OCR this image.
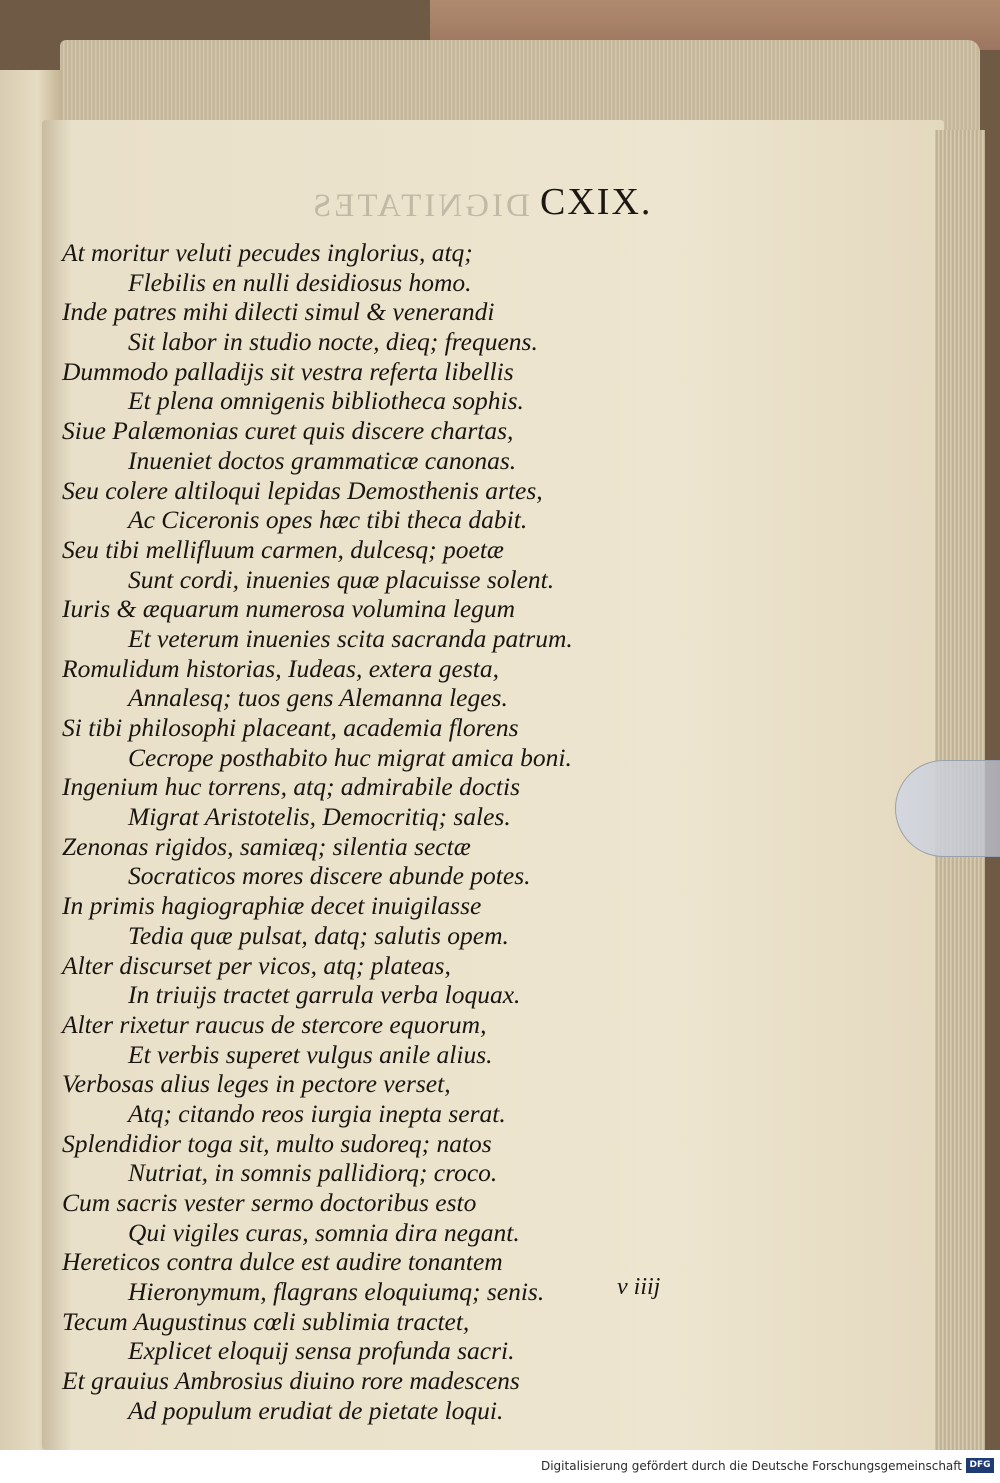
DIGNITATES CXIX.
At moritur veluti pecudes inglorius, atq;
Flebilis en nulli desidiosus homo.
Inde patres mihi dilecti simul & venerandi
Sit labor in studio nocte, dieq; frequens.
Dummodo palladijs sit vestra referta libellis
Et plena omnigenis bibliotheca sophis.
Siue Palæmonias curet quis discere chartas,
Inueniet doctos grammaticæ canonas.
Seu colere altiloqui lepidas Demosthenis artes,
Ac Ciceronis opes hæc tibi theca dabit.
Seu tibi mellifluum carmen, dulcesq; poetæ
Sunt cordi, inuenies quæ placuisse solent.
Iuris & æquarum numerosa volumina legum
Et veterum inuenies scita sacranda patrum.
Romulidum historias, Iudeas, extera gesta,
Annalesq; tuos gens Alemanna leges.
Si tibi philosophi placeant, academia florens
Cecrope posthabito huc migrat amica boni.
Ingenium huc torrens, atq; admirabile doctis
Migrat Aristotelis, Democritiq; sales.
Zenonas rigidos, samiæq; silentia sectæ
Socraticos mores discere abunde potes.
In primis hagiographiæ decet inuigilasse
Tedia quæ pulsat, datq; salutis opem.
Alter discurset per vicos, atq; plateas,
In triuijs tractet garrula verba loquax.
Alter rixetur raucus de stercore equorum,
Et verbis superet vulgus anile alius.
Verbosas alius leges in pectore verset,
Atq; citando reos iurgia inepta serat.
Splendidior toga sit, multo sudoreq; natos
Nutriat, in somnis pallidiorq; croco.
Cum sacris vester sermo doctoribus esto
Qui vigiles curas, somnia dira negant.
Hereticos contra dulce est audire tonantem
Hieronymum, flagrans eloquiumq; senis.
Tecum Augustinus cœli sublimia tractet,
Explicet eloquij sensa profunda sacri.
Et grauius Ambrosius diuino rore madescens
Ad populum erudiat de pietate loqui.
v iiij
Digitalisierung gefördert durch die Deutsche Forschungsgemeinschaft DFG
